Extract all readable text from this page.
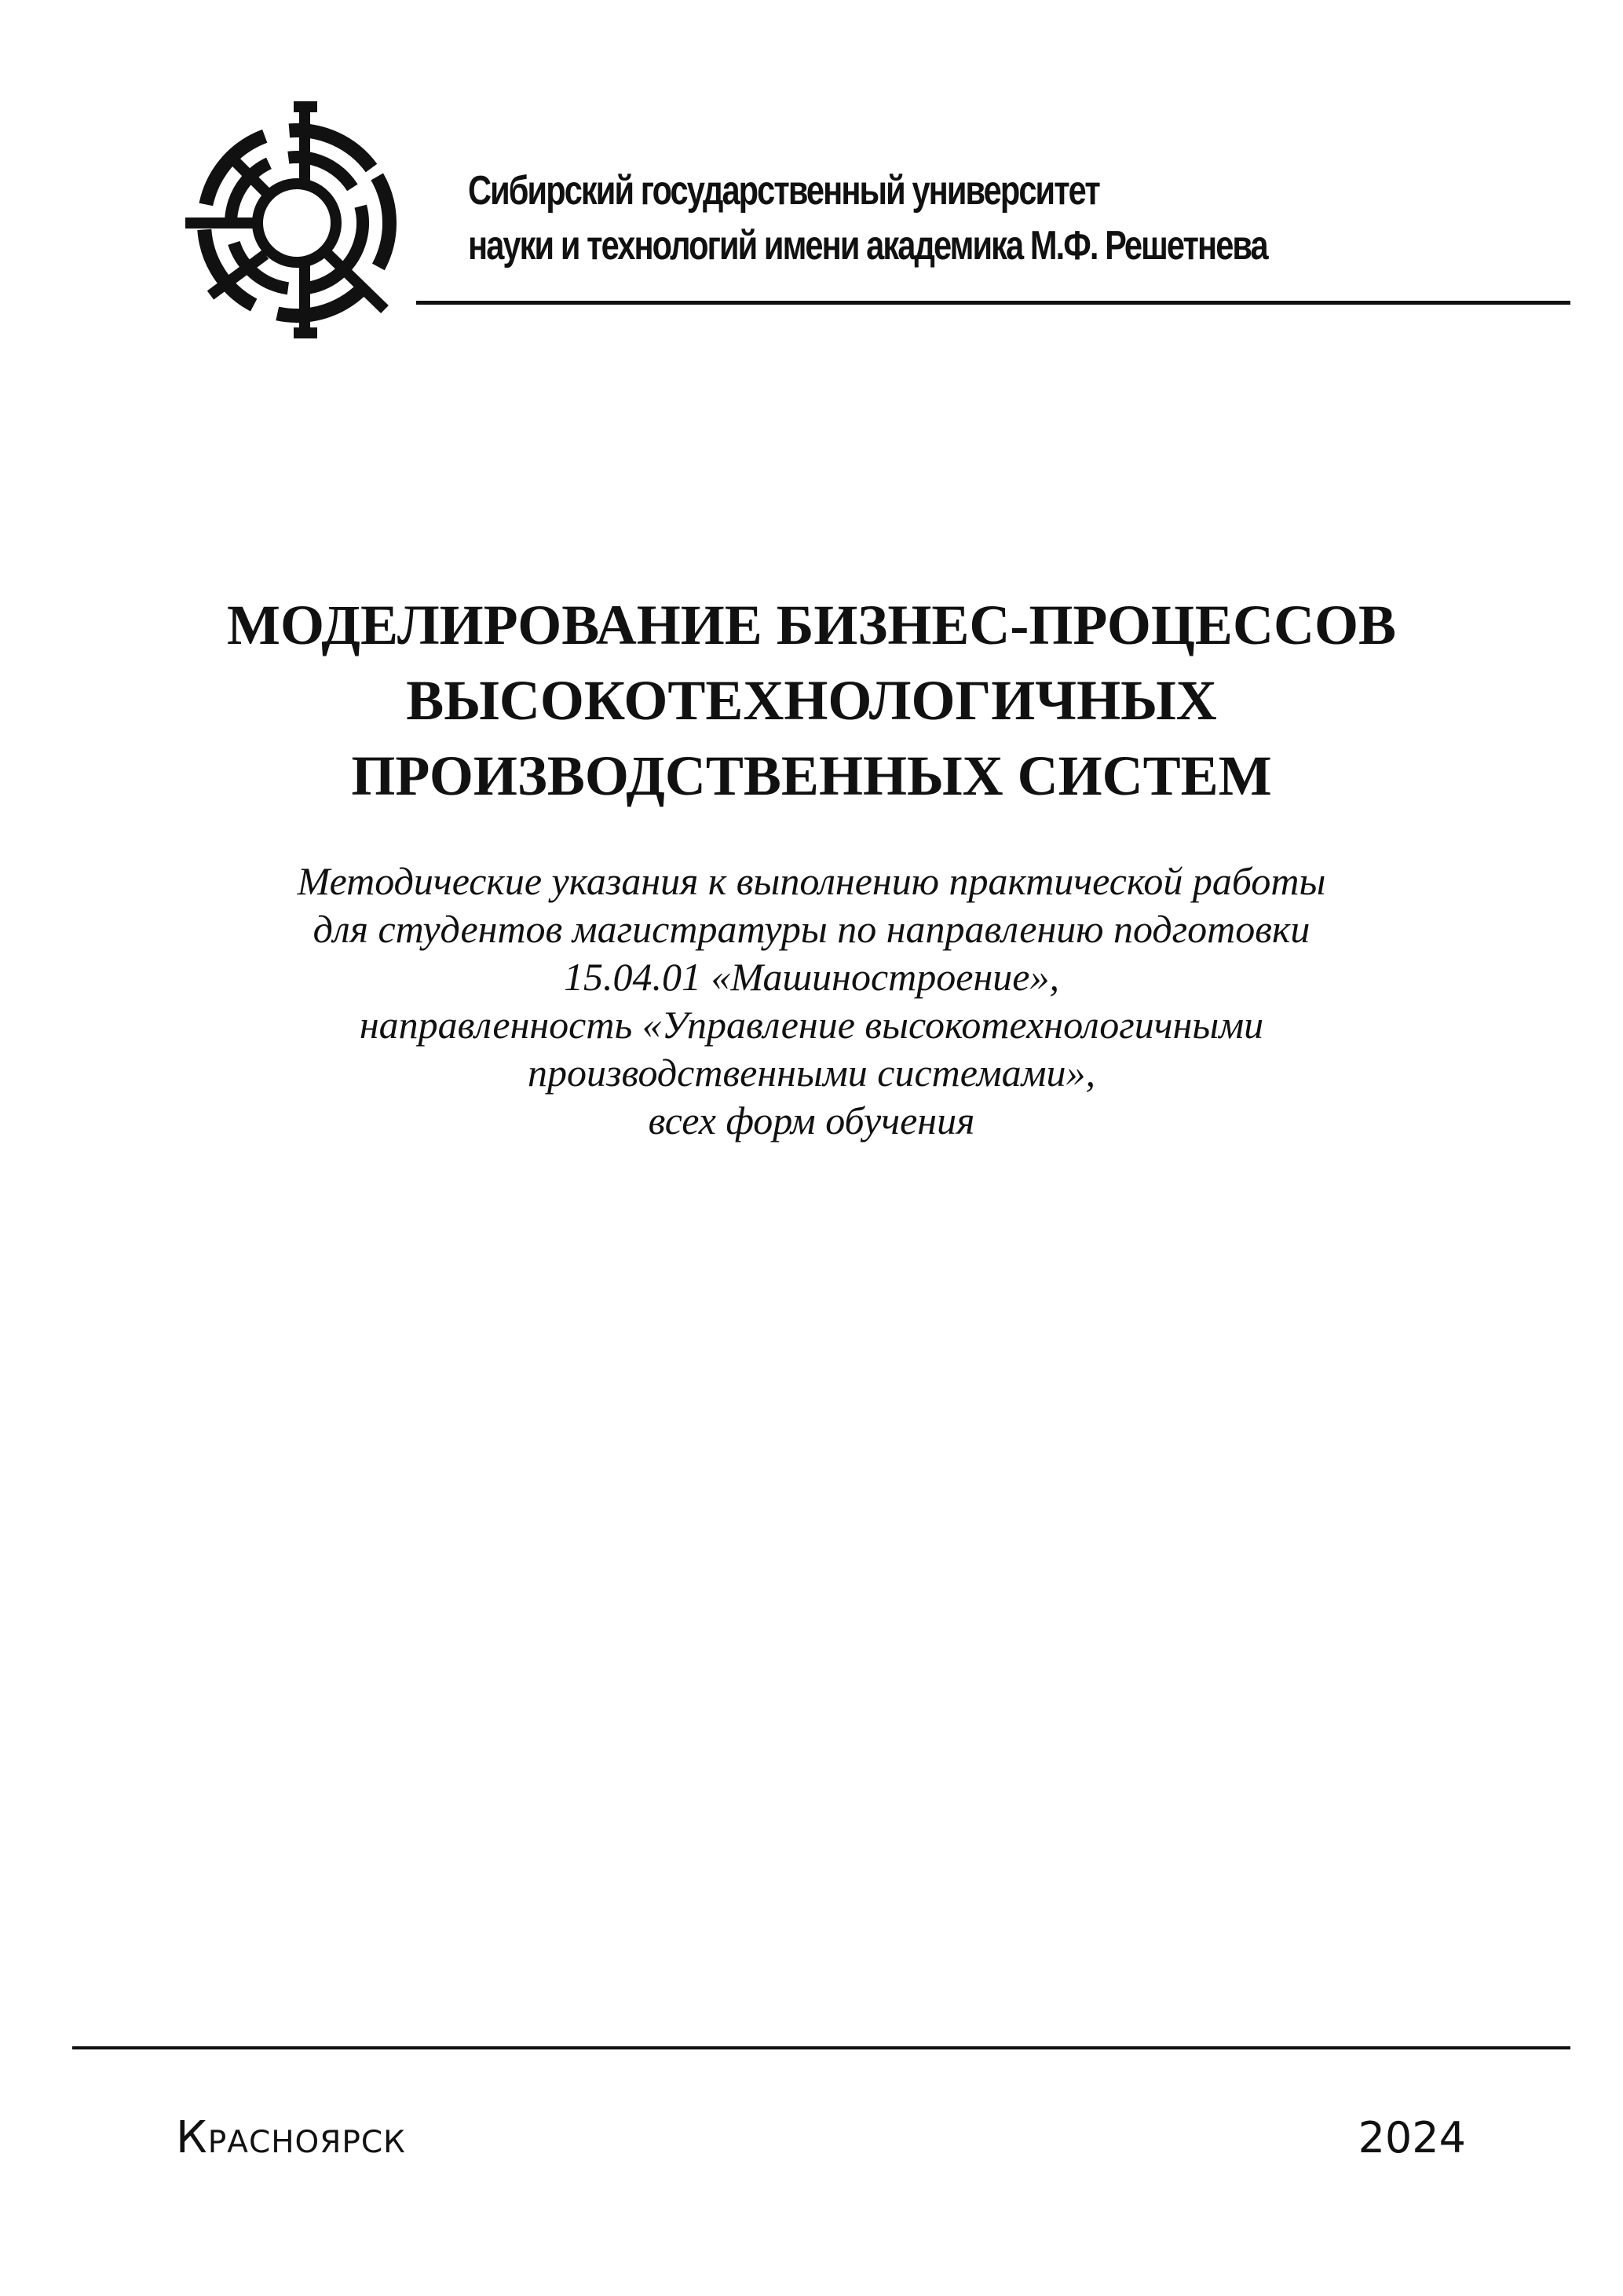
Сибирский государственный университет
науки и технологий имени академика М.Ф. Решетнева
МОДЕЛИРОВАНИЕ БИЗНЕС-ПРОЦЕССОВ
ВЫСОКОТЕХНОЛОГИЧНЫХ
ПРОИЗВОДСТВЕННЫХ СИСТЕМ
Методические указания к выполнению практической работы
для студентов магистратуры по направлению подготовки
15.04.01 «Машиностроение»,
направленность «Управление высокотехнологичными
производственными системами»,
всех форм обучения
Красноярск	2024
